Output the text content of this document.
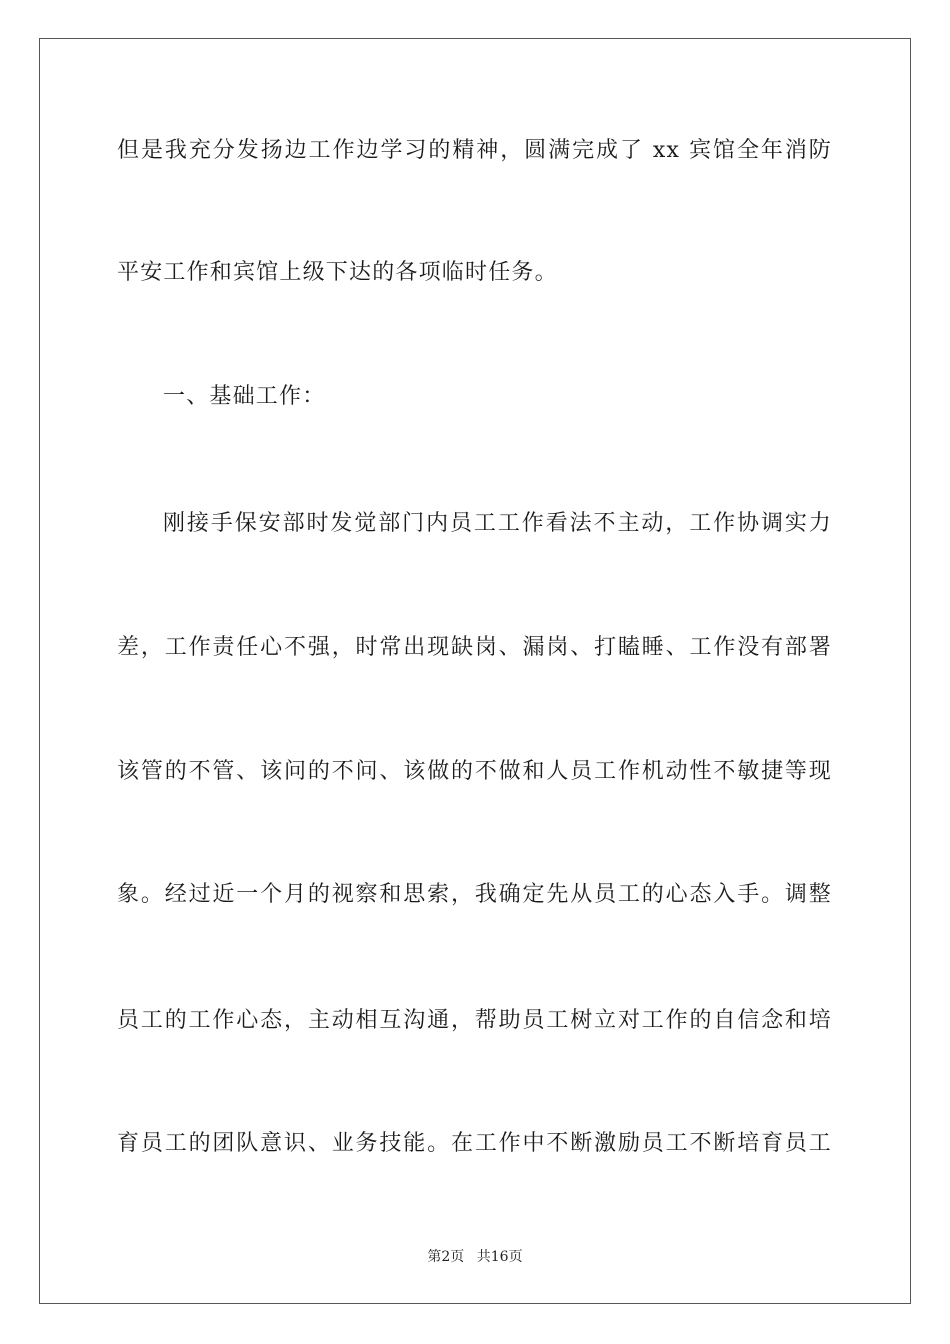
但是我充分发扬边工作边学习的精神，圆满完成了 xx 宾馆全年消防
平安工作和宾馆上级下达的各项临时任务。
一、基础工作：
刚接手保安部时发觉部门内员工工作看法不主动，工作协调实力
差，工作责任心不强，时常出现缺岗、漏岗、打瞌睡、工作没有部署
该管的不管、该问的不问、该做的不做和人员工作机动性不敏捷等现
象。经过近一个月的视察和思索，我确定先从员工的心态入手。调整
员工的工作心态，主动相互沟通，帮助员工树立对工作的自信念和培
育员工的团队意识、业务技能。在工作中不断激励员工不断培育员工
第2页 共16页
